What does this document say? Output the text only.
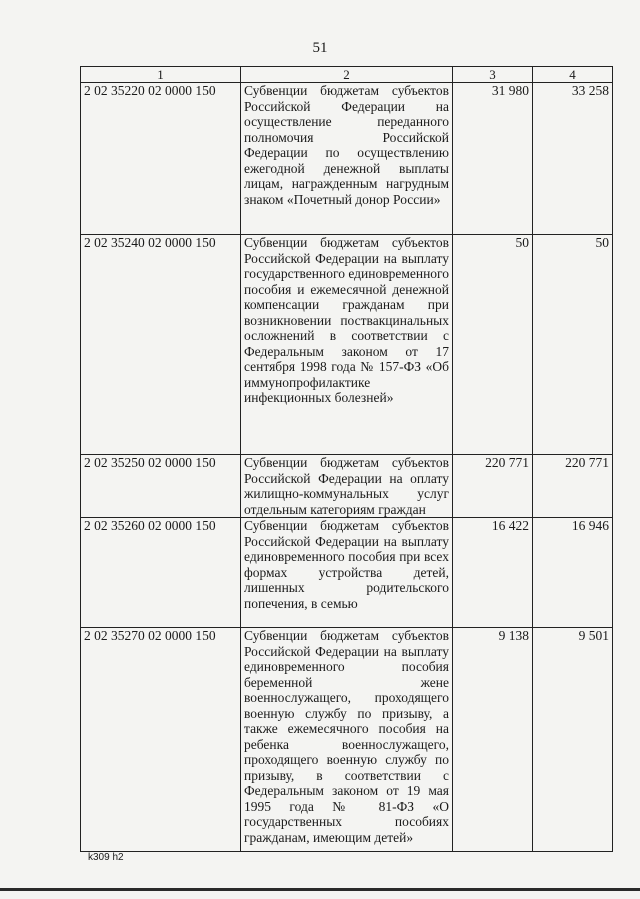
51
1	2	3	4
2 02 35220 02 0000 150	Субвенции бюджетам субъектов Российской Федерации на осуществление переданного полномочия Российской Федерации по осуществлению ежегодной денежной выплаты лицам, награжденным нагрудным знаком «Почетный донор России»	31 980	33 258
2 02 35240 02 0000 150	Субвенции бюджетам субъектов Российской Федерации на выплату государственного единовременного пособия и ежемесячной денежной компенсации гражданам при возникновении поствакцинальных осложнений в соответствии с Федеральным законом от 17 сентября 1998 года № 157-ФЗ «Об иммунопрофилактике инфекционных болезней»	50	50
2 02 35250 02 0000 150	Субвенции бюджетам субъектов Российской Федерации на оплату жилищно-коммунальных услуг отдельным категориям граждан	220 771	220 771
2 02 35260 02 0000 150	Субвенции бюджетам субъектов Российской Федерации на выплату единовременного пособия при всех формах устройства детей, лишенных родительского попечения, в семью	16 422	16 946
2 02 35270 02 0000 150	Субвенции бюджетам субъектов Российской Федерации на выплату единовременного пособия беременной жене военнослужащего, проходящего военную службу по призыву, а также ежемесячного пособия на ребенка военнослужащего, проходящего военную службу по призыву, в соответствии с Федеральным законом от 19 мая 1995 года № 81-ФЗ «О государственных пособиях гражданам, имеющим детей»	9 138	9 501
k309 h2
